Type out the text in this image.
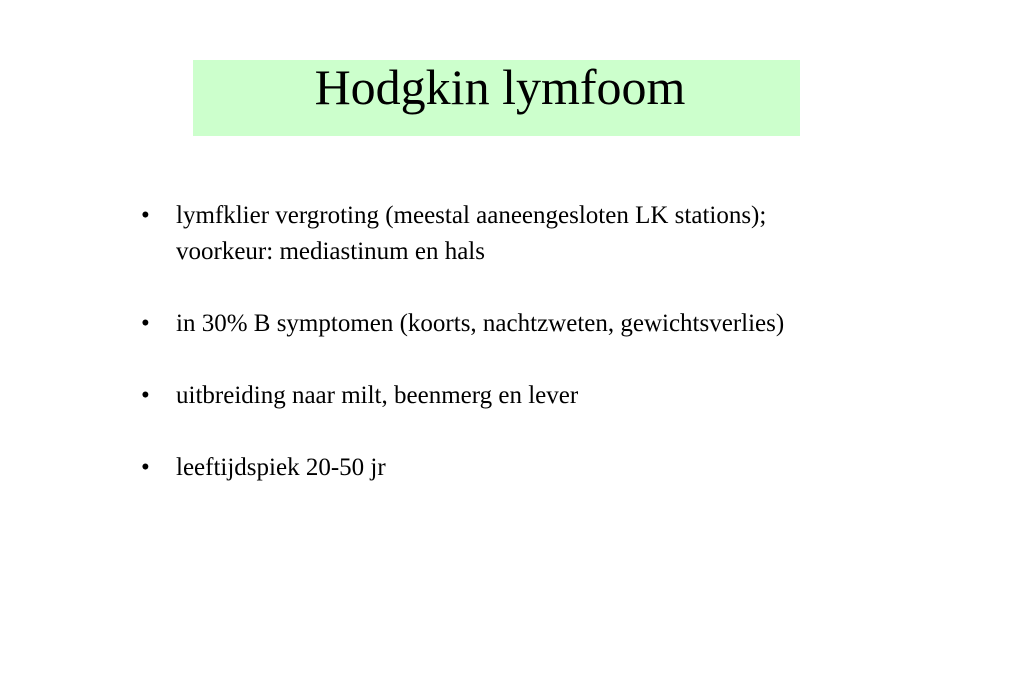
Hodgkin lymfoom
• lymfklier vergroting (meestal aaneengesloten LK stations);
voorkeur: mediastinum en hals
• in 30% B symptomen (koorts, nachtzweten, gewichtsverlies)
• uitbreiding naar milt, beenmerg en lever
• leeftijdspiek 20-50 jr
